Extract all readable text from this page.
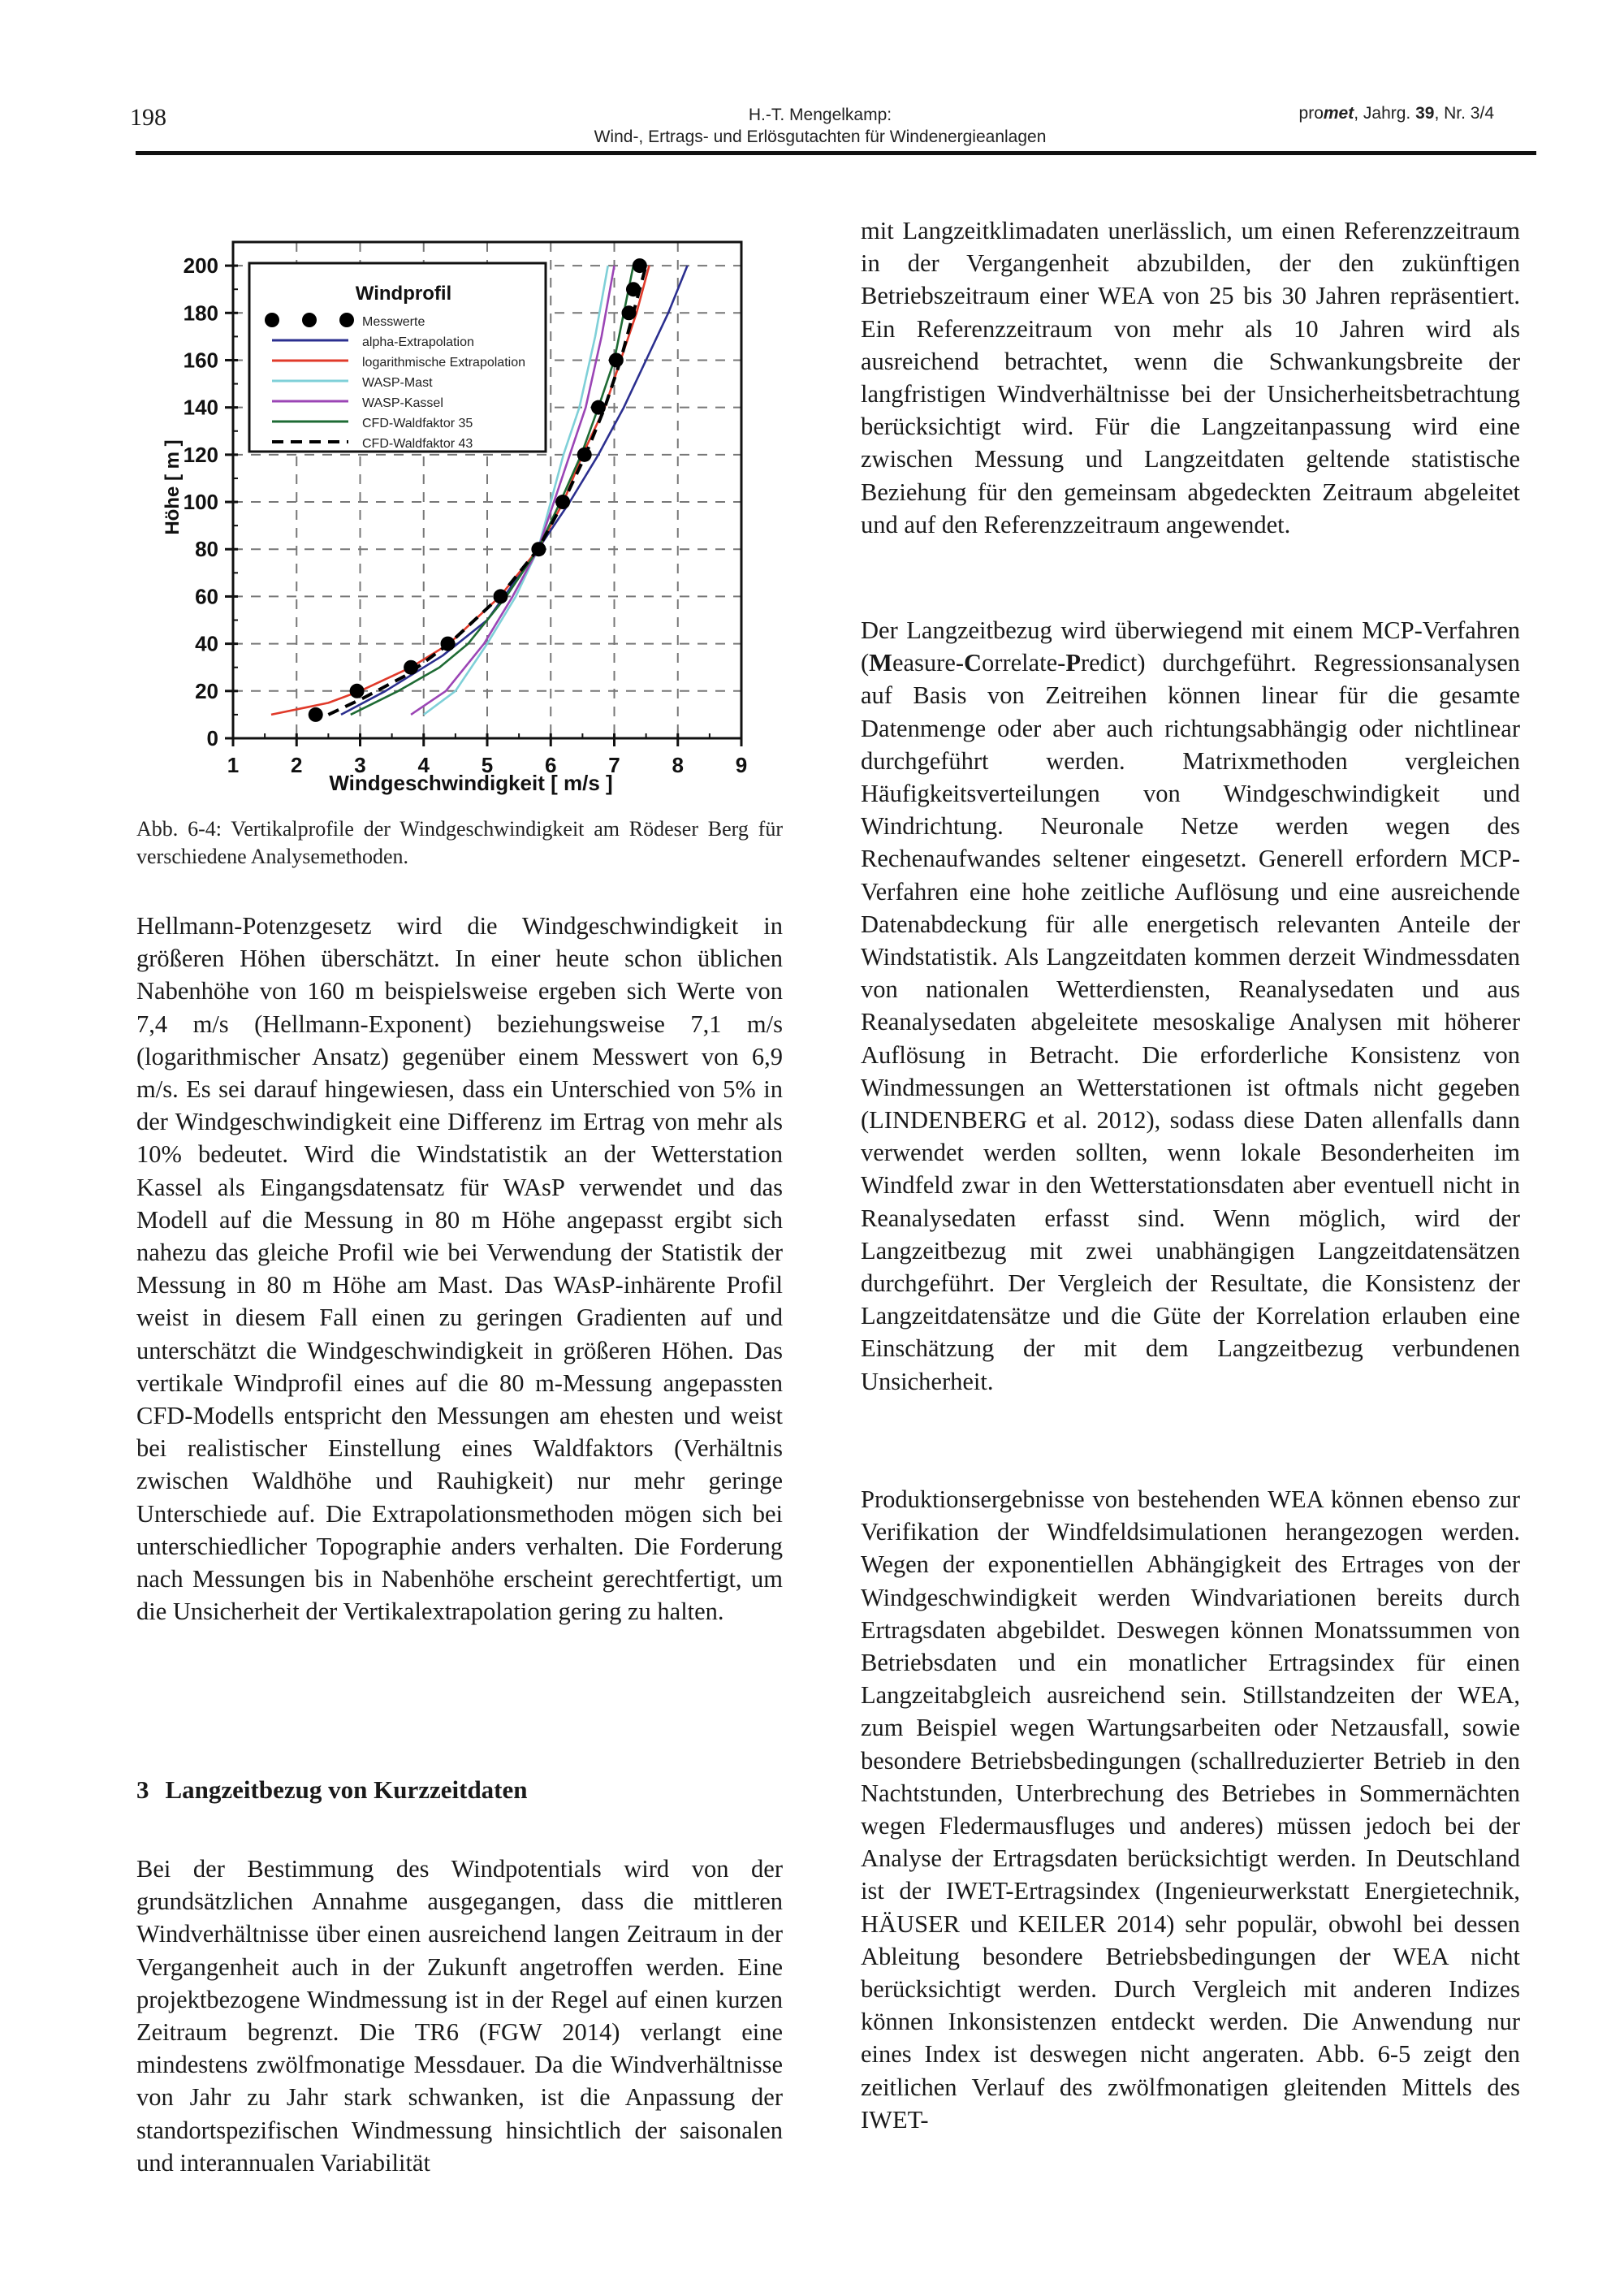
198	H.-T. Mengelkamp:
Wind-, Ertrags- und Erlösgutachten für Windenergieanlagen
promet, Jahrg. 39, Nr. 3/4
1 2 3 4 5 6 7 8 9
0
20
40
60
80
100
120
140
160
180
200
Windprofil
Messwerte
alpha-Extrapolation
logarithmische Extrapolation
WASP-Mast
WASP-Kassel
CFD-Waldfaktor 35
CFD-Waldfaktor 43
Windgeschwindigkeit [ m/s ]
Höhe [ m ]
Abb. 6-4: Vertikalprofile der Windgeschwindigkeit am Rödeser Berg für verschiedene Analysemethoden.

Hellmann-Potenzgesetz wird die Windgeschwindigkeit in größeren Höhen überschätzt. In einer heute schon üblichen Nabenhöhe von 160 m beispielsweise ergeben sich Werte von 7,4 m/s (Hellmann-Exponent) beziehungsweise 7,1 m/s (logarithmischer Ansatz) gegenüber einem Messwert von 6,9 m/s. Es sei darauf hingewiesen, dass ein Unterschied von 5% in der Windgeschwindigkeit eine Differenz im Ertrag von mehr als 10% bedeutet. Wird die Windstatistik an der Wetterstation Kassel als Eingangsdatensatz für WAsP verwendet und das Modell auf die Messung in 80 m Höhe angepasst ergibt sich nahezu das gleiche Profil wie bei Verwendung der Statistik der Messung in 80 m Höhe am Mast. Das WAsP-inhärente Profil weist in diesem Fall einen zu geringen Gradienten auf und unterschätzt die Windgeschwindigkeit in größeren Höhen. Das vertikale Windprofil eines auf die 80 m-Messung angepassten CFD-Modells entspricht den Messungen am ehesten und weist bei realistischer Einstellung eines Waldfaktors (Verhältnis zwischen Waldhöhe und Rauhigkeit) nur mehr geringe Unterschiede auf. Die Extrapolationsmethoden mögen sich bei unterschiedlicher Topographie anders verhalten. Die Forderung nach Messungen bis in Nabenhöhe erscheint gerechtfertigt, um die Unsicherheit der Vertikalextrapolation gering zu halten.

3 Langzeitbezug von Kurzzeitdaten

Bei der Bestimmung des Windpotentials wird von der grundsätzlichen Annahme ausgegangen, dass die mittleren Windverhältnisse über einen ausreichend langen Zeitraum in der Vergangenheit auch in der Zukunft angetroffen werden. Eine projektbezogene Windmessung ist in der Regel auf einen kurzen Zeitraum begrenzt. Die TR6 (FGW 2014) verlangt eine mindestens zwölfmonatige Messdauer. Da die Windverhältnisse von Jahr zu Jahr stark schwanken, ist die Anpassung der standortspezifischen Windmessung hinsichtlich der saisonalen und interannualen Variabilität

mit Langzeitklimadaten unerlässlich, um einen Referenzzeitraum in der Vergangenheit abzubilden, der den zukünftigen Betriebszeitraum einer WEA von 25 bis 30 Jahren repräsentiert. Ein Referenzzeitraum von mehr als 10 Jahren wird als ausreichend betrachtet, wenn die Schwankungsbreite der langfristigen Windverhältnisse bei der Unsicherheitsbetrachtung berücksichtigt wird. Für die Langzeitanpassung wird eine zwischen Messung und Langzeitdaten geltende statistische Beziehung für den gemeinsam abgedeckten Zeitraum abgeleitet und auf den Referenzzeitraum angewendet.

Der Langzeitbezug wird überwiegend mit einem MCP-Verfahren (Measure-Correlate-Predict) durchgeführt. Regressionsanalysen auf Basis von Zeitreihen können linear für die gesamte Datenmenge oder aber auch richtungsabhängig oder nichtlinear durchgeführt werden. Matrixmethoden vergleichen Häufigkeitsverteilungen von Windgeschwindigkeit und Windrichtung. Neuronale Netze werden wegen des Rechenaufwandes seltener eingesetzt. Generell erfordern MCP-Verfahren eine hohe zeitliche Auflösung und eine ausreichende Datenabdeckung für alle energetisch relevanten Anteile der Windstatistik. Als Langzeitdaten kommen derzeit Windmessdaten von nationalen Wetterdiensten, Reanalysedaten und aus Reanalysedaten abgeleitete mesoskalige Analysen mit höherer Auflösung in Betracht. Die erforderliche Konsistenz von Windmessungen an Wetterstationen ist oftmals nicht gegeben (LINDENBERG et al. 2012), sodass diese Daten allenfalls dann verwendet werden sollten, wenn lokale Besonderheiten im Windfeld zwar in den Wetterstationsdaten aber eventuell nicht in Reanalysedaten erfasst sind. Wenn möglich, wird der Langzeitbezug mit zwei unabhängigen Langzeitdatensätzen durchgeführt. Der Vergleich der Resultate, die Konsistenz der Langzeitdatensätze und die Güte der Korrelation erlauben eine Einschätzung der mit dem Langzeitbezug verbundenen Unsicherheit.

Produktionsergebnisse von bestehenden WEA können ebenso zur Verifikation der Windfeldsimulationen herangezogen werden. Wegen der exponentiellen Abhängigkeit des Ertrages von der Windgeschwindigkeit werden Windvariationen bereits durch Ertragsdaten abgebildet. Deswegen können Monatssummen von Betriebsdaten und ein monatlicher Ertragsindex für einen Langzeitabgleich ausreichend sein. Stillstandzeiten der WEA, zum Beispiel wegen Wartungsarbeiten oder Netzausfall, sowie besondere Betriebsbedingungen (schallreduzierter Betrieb in den Nachtstunden, Unterbrechung des Betriebes in Sommernächten wegen Fledermausfluges und anderes) müssen jedoch bei der Analyse der Ertragsdaten berücksichtigt werden. In Deutschland ist der IWET-Ertragsindex (Ingenieurwerkstatt Energietechnik, HÄUSER und KEILER 2014) sehr populär, obwohl bei dessen Ableitung besondere Betriebsbedingungen der WEA nicht berücksichtigt werden. Durch Vergleich mit anderen Indizes können Inkonsistenzen entdeckt werden. Die Anwendung nur eines Index ist deswegen nicht angeraten. Abb. 6-5 zeigt den zeitlichen Verlauf des zwölfmonatigen gleitenden Mittels des IWET-
